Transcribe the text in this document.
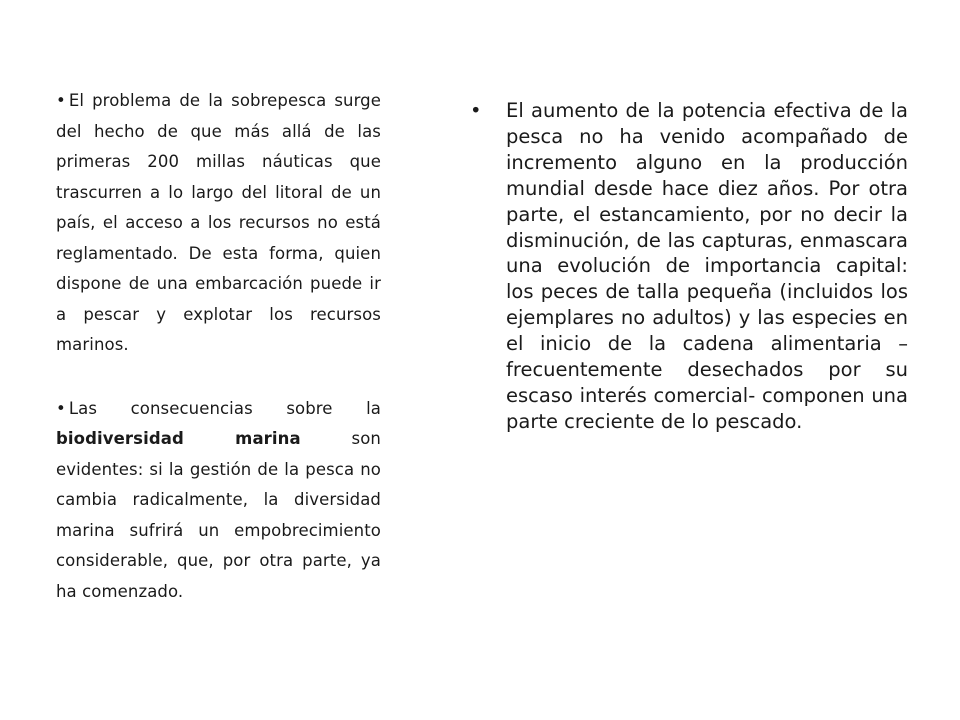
• El problema de la sobrepesca surge del hecho de que más allá de las primeras 200 millas náuticas que trascurren a lo largo del litoral de un país, el acceso a los recursos no está reglamentado. De esta forma, quien dispone de una embarcación puede ir a pescar y explotar los recursos marinos.

• Las consecuencias sobre la biodiversidad marina son evidentes: si la gestión de la pesca no cambia radicalmente, la diversidad marina sufrirá un empobrecimiento considerable, que, por otra parte, ya ha comenzado.

• El aumento de la potencia efectiva de la pesca no ha venido acompañado de incremento alguno en la producción mundial desde hace diez años. Por otra parte, el estancamiento, por no decir la disminución, de las capturas, enmascara una evolución de importancia capital: los peces de talla pequeña (incluidos los ejemplares no adultos) y las especies en el inicio de la cadena alimentaria –frecuentemente desechados por su escaso interés comercial- componen una parte creciente de lo pescado.
